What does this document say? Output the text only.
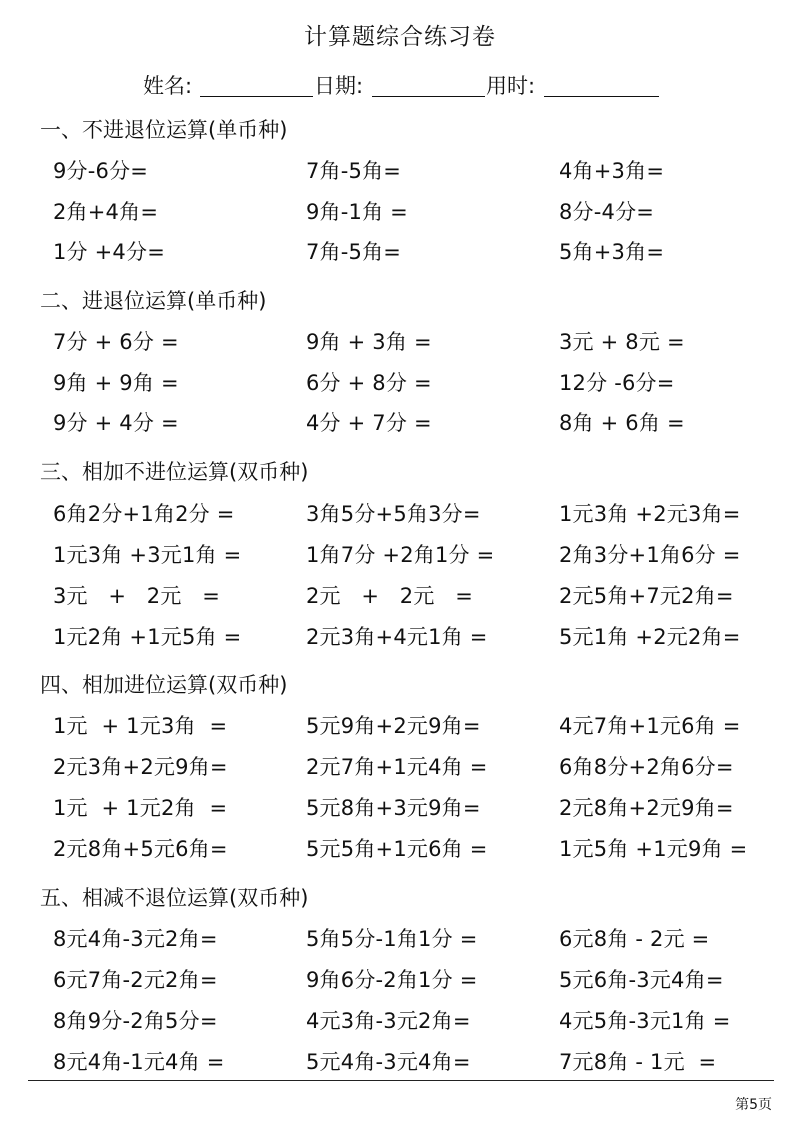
计算题综合练习卷
姓名:	日期:	用时:
一、不进退位运算(单币种)
9分-6分=	7角-5角=	4角+3角=
2角+4角=	9角-1角 =	8分-4分=
1分 +4分=	7角-5角=	5角+3角=
二、进退位运算(单币种)
7分 + 6分 =	9角 + 3角 =	3元 + 8元 =
9角 + 9角 =	6分 + 8分 =	12分 -6分=
9分 + 4分 =	4分 + 7分 =	8角 + 6角 =
三、相加不进位运算(双币种)
6角2分+1角2分 =	3角5分+5角3分=	1元3角 +2元3角=
1元3角 +3元1角 =	1角7分 +2角1分 =	2角3分+1角6分 =
3元   +   2元   =	2元   +   2元   =	2元5角+7元2角=
1元2角 +1元5角 =	2元3角+4元1角 =	5元1角 +2元2角=
四、相加进位运算(双币种)
1元  + 1元3角  =	5元9角+2元9角=	4元7角+1元6角 =
2元3角+2元9角=	2元7角+1元4角 =	6角8分+2角6分=
1元  + 1元2角  =	5元8角+3元9角=	2元8角+2元9角=
2元8角+5元6角=	5元5角+1元6角 =	1元5角 +1元9角 =
五、相减不退位运算(双币种)
8元4角-3元2角=	5角5分-1角1分 =	6元8角 - 2元 =
6元7角-2元2角=	9角6分-2角1分 =	5元6角-3元4角=
8角9分-2角5分=	4元3角-3元2角=	4元5角-3元1角 =
8元4角-1元4角 =	5元4角-3元4角=	7元8角 - 1元  =
第5页
